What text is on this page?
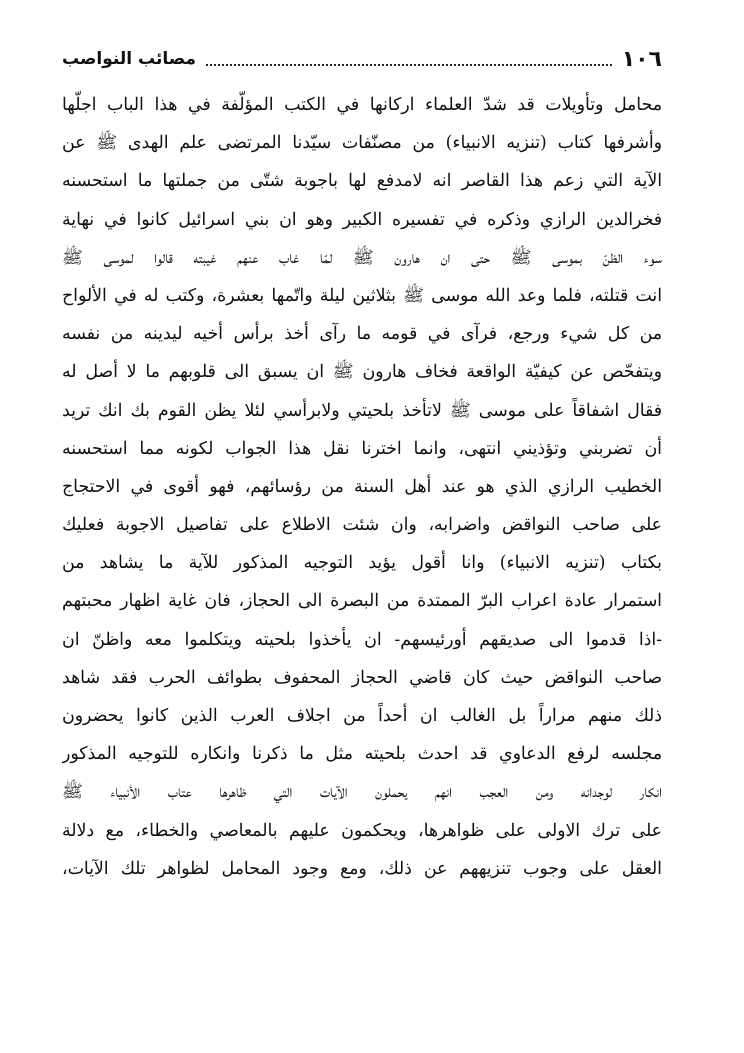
مصائب النواصب	١٠٦
محامل وتأويلات قد شدّ العلماء اركانها في الكتب المؤلّفة في هذا الباب اجلّها
وأشرفها كتاب (تنزيه الانبياء) من مصنّفات سيّدنا المرتضى علم الهدى ﷺ عن
الآية التي زعم هذا القاصر انه لامدفع لها باجوبة شتّى من جملتها ما استحسنه
فخرالدين الرازي وذكره في تفسيره الكبير وهو ان بني اسرائيل كانوا في نهاية
سوء الظنّ بموسى ﷺ حتى ان هارون ﷺ لمّا غاب عنهم غيبته قالوا لموسى ﷺ
انت قتلته، فلما وعد الله موسى ﷺ بثلاثين ليلة واتّمها بعشرة، وكتب له في الألواح
من كل شيء ورجع، فرآى في قومه ما رآى أخذ برأس أخيه ليدينه من نفسه
ويتفحّص عن كيفيّة الواقعة فخاف هارون ﷺ ان يسبق الى قلوبهم ما لا أصل له
فقال اشفاقاً على موسى ﷺ لاتأخذ بلحيتي ولابرأسي لئلا يظن القوم بك انك تريد
أن تضربني وتؤذيني انتهى، وانما اخترنا نقل هذا الجواب لكونه مما استحسنه
الخطيب الرازي الذي هو عند أهل السنة من رؤسائهم، فهو أقوى في الاحتجاج
على صاحب النواقض واضرابه، وان شئت الاطلاع على تفاصيل الاجوبة فعليك
بكتاب (تنزيه الانبياء) وانا أقول يؤيد التوجيه المذكور للآية ما يشاهد من
استمرار عادة اعراب البرّ الممتدة من البصرة الى الحجاز، فان غاية اظهار محبتهم
-اذا قدموا الى صديقهم أورئيسهم- ان يأخذوا بلحيته ويتكلموا معه واظنّ ان
صاحب النواقض حيث كان قاضي الحجاز المحفوف بطوائف الحرب فقد شاهد
ذلك منهم مراراً بل الغالب ان أحداً من اجلاف العرب الذين كانوا يحضرون
مجلسه لرفع الدعاوي قد احدث بلحيته مثل ما ذكرنا وانكاره للتوجيه المذكور
انكار لوجدانه ومن العجب انهم يحملون الآيات التي ظاهرها عتاب الأنبياء ﷺ
على ترك الاولى على ظواهرها، ويحكمون عليهم بالمعاصي والخطاء، مع دلالة
العقل على وجوب تنزيههم عن ذلك، ومع وجود المحامل لظواهر تلك الآيات،
